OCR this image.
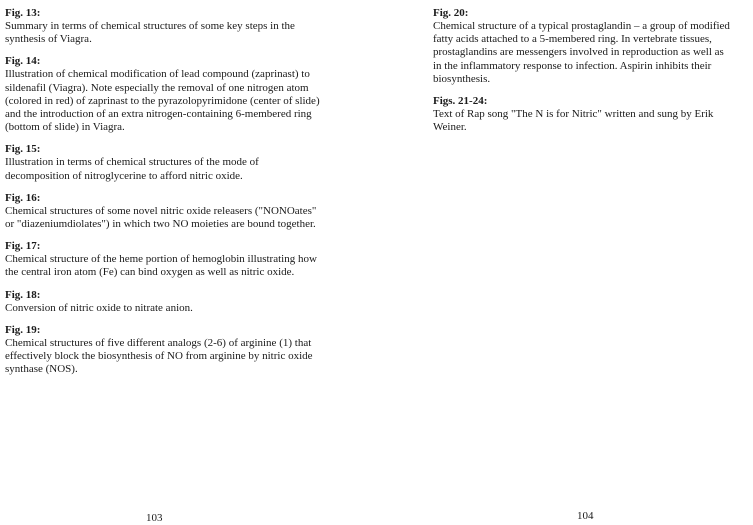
Fig. 13:
Summary in terms of chemical structures of some key steps in the synthesis of Viagra.
Fig. 14:
Illustration of chemical modification of lead compound (zaprinast) to sildenafil (Viagra). Note especially the removal of one nitrogen atom (colored in red) of zaprinast to the pyrazolopyrimidone (center of slide) and the introduction of an extra nitrogen-containing 6-membered ring (bottom of slide) in Viagra.
Fig. 15:
Illustration in terms of chemical structures of the mode of decomposition of nitroglycerine to afford nitric oxide.
Fig. 16:
Chemical structures of some novel nitric oxide releasers ("NONOates" or "diazeniumdiolates") in which two NO moieties are bound together.
Fig. 17:
Chemical structure of the heme portion of hemoglobin illustrating how the central iron atom (Fe) can bind oxygen as well as nitric oxide.
Fig. 18:
Conversion of nitric oxide to nitrate anion.
Fig. 19:
Chemical structures of five different analogs (2-6) of arginine (1) that effectively block the biosynthesis of NO from arginine by nitric oxide synthase (NOS).
103
Fig. 20:
Chemical structure of a typical prostaglandin – a group of modified fatty acids attached to a 5-membered ring. In vertebrate tissues, prostaglandins are messengers involved in reproduction as well as in the inflammatory response to infection. Aspirin inhibits their biosynthesis.
Figs. 21-24:
Text of Rap song "The N is for Nitric" written and sung by Erik Weiner.
104
